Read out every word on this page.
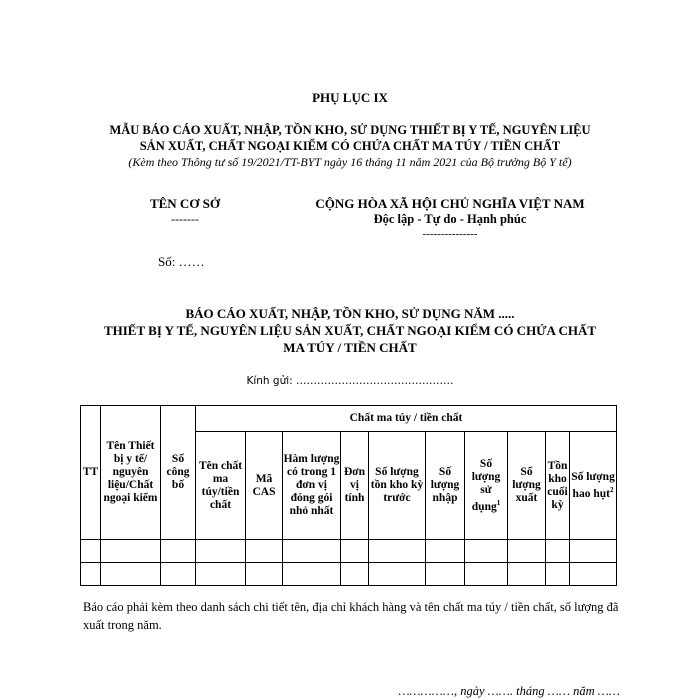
PHỤ LỤC IX
MẪU BÁO CÁO XUẤT, NHẬP, TỒN KHO, SỬ DỤNG THIẾT BỊ Y TẾ, NGUYÊN LIỆU
SẢN XUẤT, CHẤT NGOẠI KIỂM CÓ CHỨA CHẤT MA TÚY / TIỀN CHẤT
(Kèm theo Thông tư số 19/2021/TT-BYT ngày 16 tháng 11 năm 2021 của Bộ trưởng Bộ Y tế)
TÊN CƠ SỞ
-------
CỘNG HÒA XÃ HỘI CHỦ NGHĨA VIỆT NAM
Độc lập - Tự do - Hạnh phúc
---------------
Số: ……
BÁO CÁO XUẤT, NHẬP, TỒN KHO, SỬ DỤNG NĂM .....
THIẾT BỊ Y TẾ, NGUYÊN LIỆU SẢN XUẤT, CHẤT NGOẠI KIỂM CÓ CHỨA CHẤT
MA TÚY / TIỀN CHẤT
Kính gửi: ………………………………………
TT	Tên Thiết bị y tế/ nguyên liệu/Chất ngoại kiểm	Số công bố	Chất ma túy / tiền chất									
			Tên chất ma túy/tiền chất	Mã CAS	Hàm lượng có trong 1 đơn vị đóng gói nhỏ nhất	Đơn vị tính	Số lượng tồn kho kỳ trước	Số lượng nhập	Số lượng sử dụng$^1$	Số lượng xuất	Tồn kho cuối kỳ	Số lượng hao hụt$^2$

Báo cáo phải kèm theo danh sách chi tiết tên, địa chỉ khách hàng và tên chất ma túy / tiền chất, số lượng đã xuất trong năm.
……………, ngày ……. tháng …… năm ……
